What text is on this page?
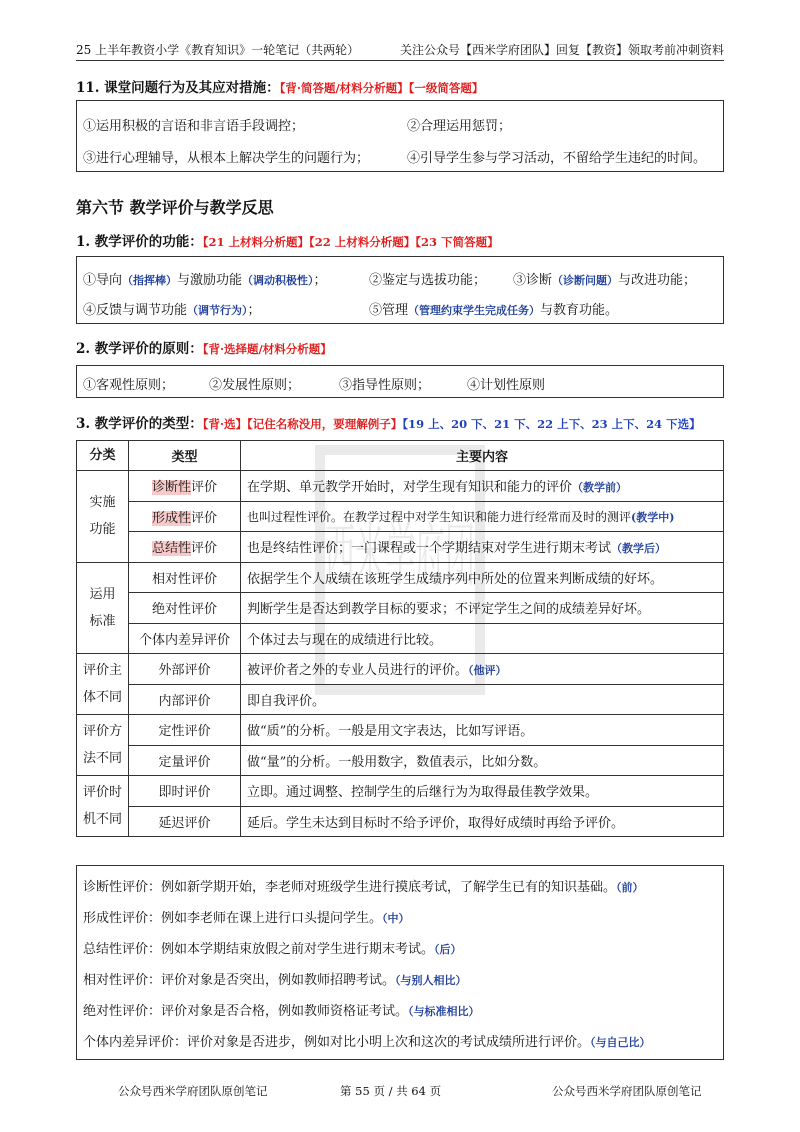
25 上半年教资小学《教育知识》一轮笔记（共两轮）	关注公众号【西米学府团队】回复【教资】领取考前冲刺资料
11. 课堂问题行为及其应对措施：【背·简答题/材料分析题】【一级简答题】
①运用积极的言语和非言语手段调控；	②合理运用惩罚；
③进行心理辅导，从根本上解决学生的问题行为；	④引导学生参与学习活动，不留给学生违纪的时间。
第六节 教学评价与教学反思
1. 教学评价的功能：【21 上材料分析题】【22 上材料分析题】【23 下简答题】
①导向（指挥棒）与激励功能（调动积极性）；	②鉴定与选拔功能； ③诊断（诊断问题）与改进功能；
④反馈与调节功能（调节行为）；	⑤管理（管理约束学生完成任务）与教育功能。
2. 教学评价的原则：【背·选择题/材料分析题】
①客观性原则；	②发展性原则；	③指导性原则；	④计划性原则
3. 教学评价的类型：【背·选】【记住名称没用，要理解例子】【19 上、20 下、21 下、22 上下、23 上下、24 下选】
西米学府团
分类	类型	主要内容
实施
功能	诊断性评价	在学期、单元教学开始时，对学生现有知识和能力的评价（教学前）
	形成性评价	也叫过程性评价。在教学过程中对学生知识和能力进行经常而及时的测评(教学中)
	总结性评价	也是终结性评价；一门课程或一个学期结束对学生进行期末考试（教学后）
运用
标准	相对性评价	依据学生个人成绩在该班学生成绩序列中所处的位置来判断成绩的好坏。
	绝对性评价	判断学生是否达到教学目标的要求；不评定学生之间的成绩差异好坏。
	个体内差异评价	个体过去与现在的成绩进行比较。
评价主
体不同	外部评价	被评价者之外的专业人员进行的评价。（他评）
	内部评价	即自我评价。
评价方
法不同	定性评价	做“质”的分析。一般是用文字表达，比如写评语。
	定量评价	做“量”的分析。一般用数字，数值表示，比如分数。
评价时
机不同	即时评价	立即。通过调整、控制学生的后继行为为取得最佳教学效果。
	延迟评价	延后。学生未达到目标时不给予评价，取得好成绩时再给予评价。
诊断性评价：例如新学期开始，李老师对班级学生进行摸底考试，了解学生已有的知识基础。（前）
形成性评价：例如李老师在课上进行口头提问学生。（中）
总结性评价：例如本学期结束放假之前对学生进行期末考试。（后）
相对性评价：评价对象是否突出，例如教师招聘考试。（与别人相比）
绝对性评价：评价对象是否合格，例如教师资格证考试。（与标准相比）
个体内差异评价：评价对象是否进步，例如对比小明上次和这次的考试成绩所进行评价。（与自己比）
公众号西米学府团队原创笔记	第 55 页 / 共 64 页	公众号西米学府团队原创笔记
